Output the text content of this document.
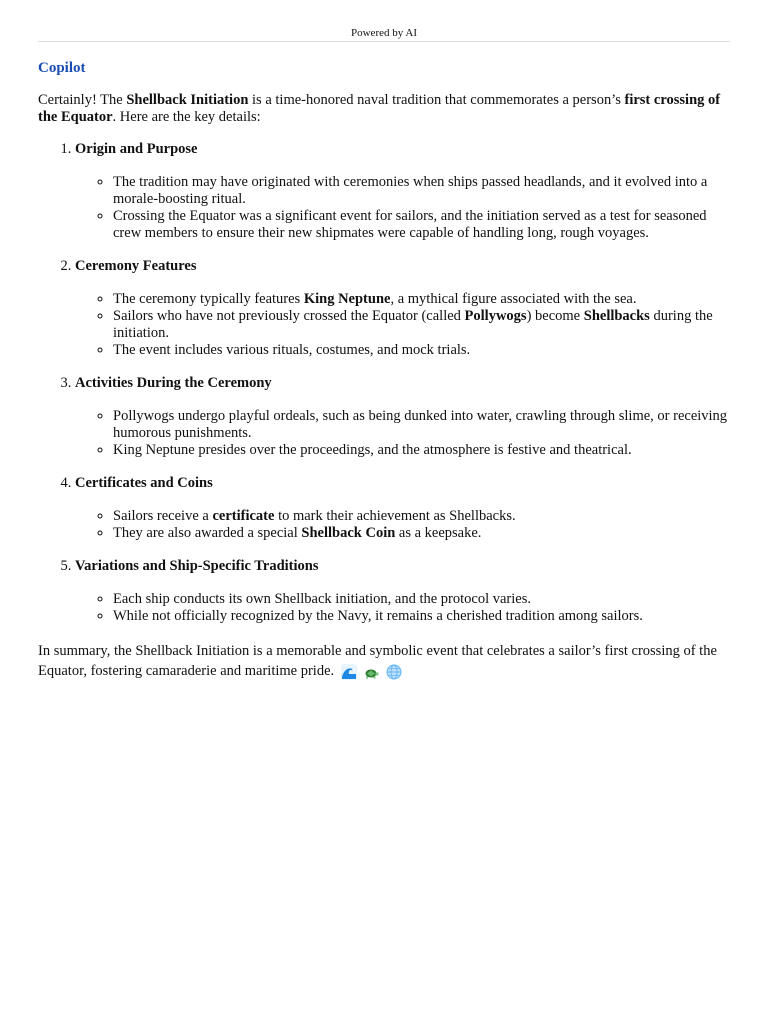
Powered by AI
Copilot

Certainly! The Shellback Initiation is a time-honored naval tradition that commemorates a person’s first crossing of the Equator. Here are the key details:

1. Origin and Purpose
◦ The tradition may have originated with ceremonies when ships passed headlands, and it evolved into a morale-boosting ritual.
◦ Crossing the Equator was a significant event for sailors, and the initiation served as a test for seasoned crew members to ensure their new shipmates were capable of handling long, rough voyages.
2. Ceremony Features
◦ The ceremony typically features King Neptune, a mythical figure associated with the sea.
◦ Sailors who have not previously crossed the Equator (called Pollywogs) become Shellbacks during the initiation.
◦ The event includes various rituals, costumes, and mock trials.
3. Activities During the Ceremony
◦ Pollywogs undergo playful ordeals, such as being dunked into water, crawling through slime, or receiving humorous punishments.
◦ King Neptune presides over the proceedings, and the atmosphere is festive and theatrical.
4. Certificates and Coins
◦ Sailors receive a certificate to mark their achievement as Shellbacks.
◦ They are also awarded a special Shellback Coin as a keepsake.
5. Variations and Ship-Specific Traditions
◦ Each ship conducts its own Shellback initiation, and the protocol varies.
◦ While not officially recognized by the Navy, it remains a cherished tradition among sailors.

In summary, the Shellback Initiation is a memorable and symbolic event that celebrates a sailor’s first crossing of the Equator, fostering camaraderie and maritime pride.
